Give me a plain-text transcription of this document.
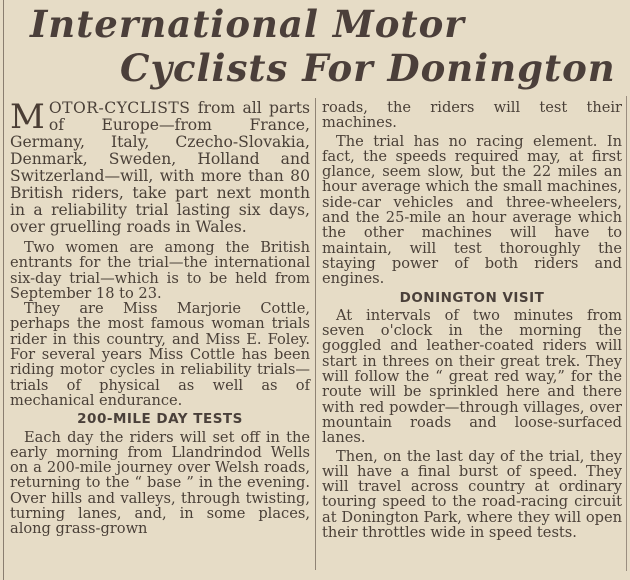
International Motor
Cyclists For Donington

MOTOR-CYCLISTS from all parts of Europe—from France, Germany, Italy, Czecho-Slovakia, Denmark, Sweden, Holland and Switzerland—will, with more than 80 British riders, take part next month in a reliability trial lasting six days, over gruelling roads in Wales.

Two women are among the British entrants for the trial—the international six-day trial—which is to be held from September 18 to 23.

They are Miss Marjorie Cottle, perhaps the most famous woman trials rider in this country, and Miss E. Foley. For several years Miss Cottle has been riding motor cycles in reliability trials—trials of physical as well as of mechanical endurance.

200-MILE DAY TESTS

Each day the riders will set off in the early morning from Llandrindod Wells on a 200-mile journey over Welsh roads, returning to the “ base ” in the evening. Over hills and valleys, through twisting, turning lanes, and, in some places, along grass-grown

roads, the riders will test their machines.

The trial has no racing element. In fact, the speeds required may, at first glance, seem slow, but the 22 miles an hour average which the small machines, side-car vehicles and three-wheelers, and the 25-mile an hour average which the other machines will have to maintain, will test thoroughly the staying power of both riders and engines.

DONINGTON VISIT

At intervals of two minutes from seven o'clock in the morning the goggled and leather-coated riders will start in threes on their great trek. They will follow the “ great red way,” for the route will be sprinkled here and there with red powder—through villages, over mountain roads and loose-surfaced lanes.

Then, on the last day of the trial, they will have a final burst of speed. They will travel across country at ordinary touring speed to the road-racing circuit at Donington Park, where they will open their throttles wide in speed tests.
